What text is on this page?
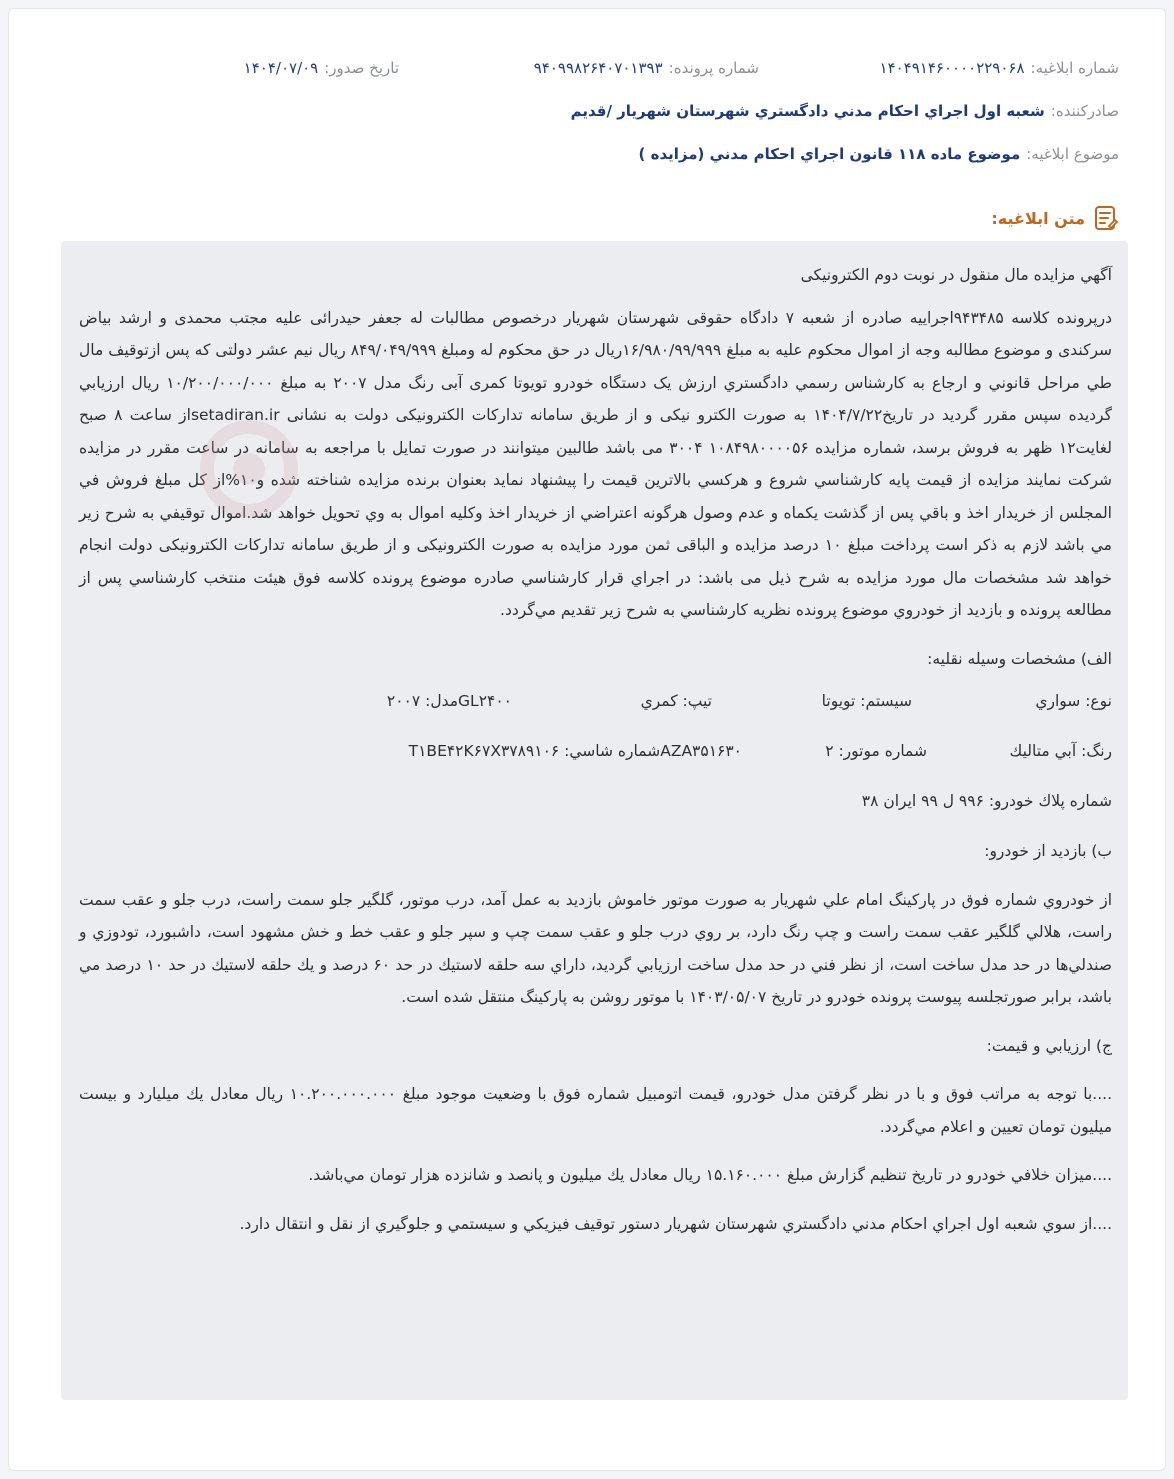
شماره ابلاغیه:
۱۴۰۴۹۱۴۶۰۰۰۰۲۲۹۰۶۸
شماره پرونده:
۹۴۰۹۹۸۲۶۴۰۷۰۱۳۹۳
تاریخ صدور:
۱۴۰۴/۰۷/۰۹
صادرکننده:
شعبه اول اجراي احکام مدني دادگستري شهرستان شهريار /قديم
موضوع ابلاغیه:
موضوع ماده ۱۱۸ قانون اجراي احکام مدني (مزايده )
متن ابلاغیه:

آگهي مزايده مال منقول در نوبت دوم الکترونيکی

درپرونده کلاسه ۹۴۳۴۸۵اجراییه صادره از شعبه ۷ دادگاه حقوقی شهرستان شهريار درخصوص مطالبات له جعفر حيدرائی عليه مجتب محمدی و ارشد بیاض سرکندی و موضوع مطالبه وجه از اموال محکوم علیه به مبلغ ۱۶/۹۸۰/۹۹/۹۹۹ریال در حق محکوم له ومبلغ ۸۴۹/۰۴۹/۹۹۹ ریال نیم عشر دولتی که پس ازتوقيف مال طي مراحل قانوني و ارجاع به کارشناس رسمي دادگستري ارزش یک دستگاه خودرو تویوتا کمری آبی رنگ مدل ۲۰۰۷ به مبلغ ۱۰/۲۰۰/۰۰۰/۰۰۰ ريال ارزيابي گرديده سپس مقرر گرديد در تاريخ۱۴۰۴/۷/۲۲ به صورت الکترو نیکی و از طریق سامانه تدارکات الکترونیکی دولت به نشانی setadiran.irاز ساعت ۸ صبح لغايت۱۲ ظهر به فروش برسد، شماره مزایده ۱۰۸۴۹۸۰۰۰۰۵۶ ۳۰۰۴ می باشد طالبین میتوانند در صورت تمایل با مراجعه به سامانه در ساعت مقرر در مزايده شرکت نمايند مزايده از قيمت پايه کارشناسي شروع و هرکسي بالاترين قيمت را پيشنهاد نمايد بعنوان برنده مزايده شناخته شده و۱۰%از کل مبلغ فروش في المجلس از خريدار اخذ و باقي پس از گذشت يکماه و عدم وصول هرگونه اعتراضي از خريدار اخذ وکليه اموال به وي تحويل خواهد شد.اموال توقيفي به شرح زير مي باشد لازم به ذکر است پرداخت مبلغ ۱۰ درصد مزایده و الباقی ثمن مورد مزایده به صورت الکترونیکی و از طریق سامانه تدارکات الکترونیکی دولت انجام خواهد شد مشخصات مال مورد مزايده به شرح ذيل می باشد: در اجراي قرار کارشناسي صادره موضوع پرونده کلاسه فوق هيئت منتخب کارشناسي پس از مطالعه پرونده و بازديد از خودروي موضوع پرونده نظريه کارشناسي به شرح زير تقديم مي‌گردد.

الف) مشخصات وسيله نقليه:

نوع: سواري
سيستم: تويوتا
تيپ: كمري
GL۲۴۰۰مدل: ۲۰۰۷
رنگ: آبي متاليك
شماره موتور: ۲
AZA۳۵۱۶۳۰شماره شاسي: T۱BE۴۲K۶۷X۳۷۸۹۱۰۶
شماره پلاك خودرو: ۹۹۶ ل ۹۹ ايران ۳۸

ب) بازديد از خودرو:

از خودروي شماره فوق در پاركينگ امام علي شهريار به صورت موتور خاموش بازديد به عمل آمد، درب موتور، گلگير جلو سمت راست، درب جلو و عقب سمت راست، هلالي گلگير عقب سمت راست و چپ رنگ دارد، بر روي درب جلو و عقب سمت چپ و سپر جلو و عقب خط و خش مشهود است، داشبورد، تودوزي و صندلي‌ها در حد مدل ساخت است، از نظر فني در حد مدل ساخت ارزيابي گرديد، داراي سه حلقه لاستيك در حد ۶۰ درصد و يك حلقه لاستيك در حد ۱۰ درصد مي باشد، برابر صورتجلسه پيوست پرونده خودرو در تاريخ ۱۴۰۳/۰۵/۰۷ با موتور روشن به پاركينگ منتقل شده است.

ج) ارزيابي و قيمت:

....با توجه به مراتب فوق و با در نظر گرفتن مدل خودرو، قيمت اتومبيل شماره فوق با وضعيت موجود مبلغ ۱۰.۲۰۰.۰۰۰.۰۰۰ ريال معادل يك ميليارد و بيست ميليون تومان تعيين و اعلام مي‌گردد.

....ميزان خلافي خودرو در تاريخ تنظيم گزارش مبلغ ۱۵.۱۶۰.۰۰۰ ريال معادل يك ميليون و پانصد و شانزده هزار تومان مي‌باشد.

....از سوي شعبه اول اجراي احكام مدني دادگستري شهرستان شهريار دستور توقيف فيزيكي و سيستمي و جلوگيري از نقل و انتقال دارد.
